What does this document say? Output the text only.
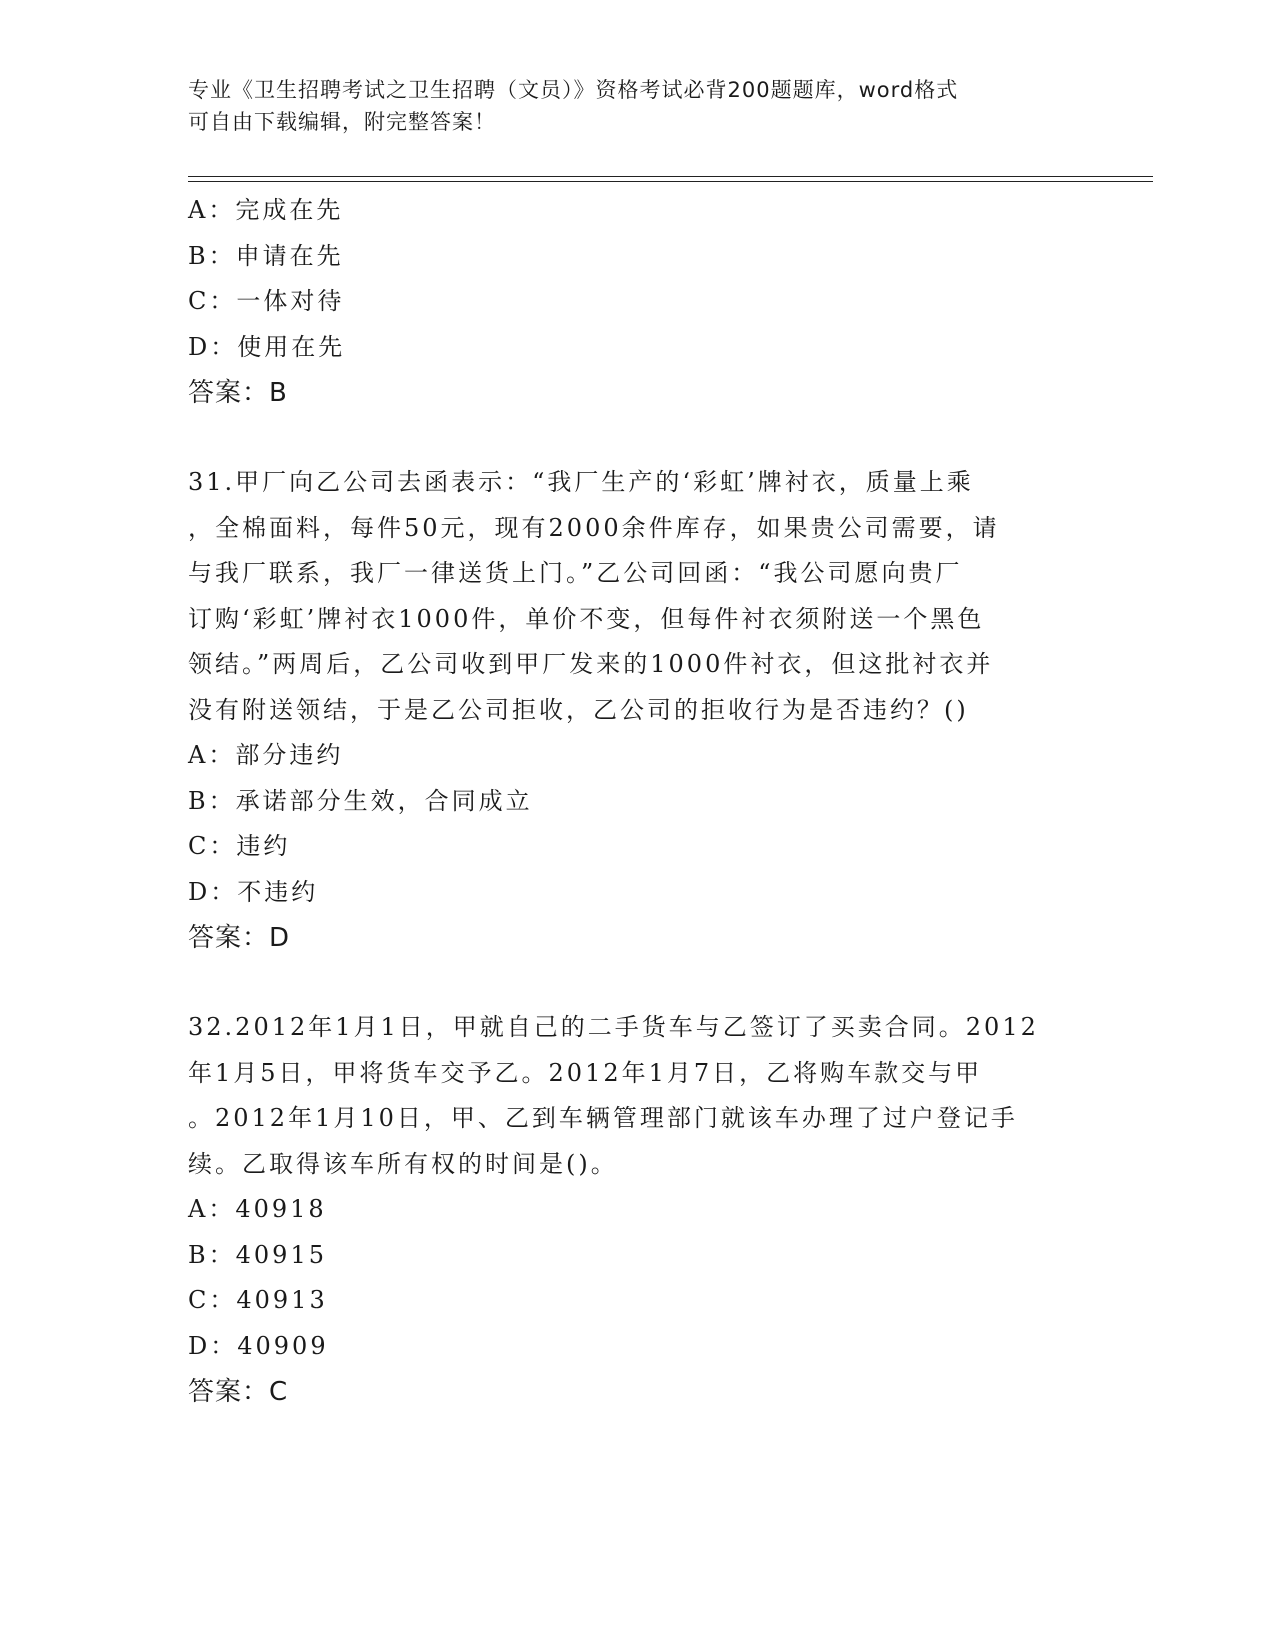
专业《卫生招聘考试之卫生招聘（文员）》资格考试必背200题题库，word格式
可自由下载编辑，附完整答案！

A：完成在先

B：申请在先

C：一体对待

D：使用在先

答案：B

31.甲厂向乙公司去函表示：“我厂生产的‘彩虹’牌衬衣，质量上乘

，全棉面料，每件50元，现有2000余件库存，如果贵公司需要，请

与我厂联系，我厂一律送货上门。”乙公司回函：“我公司愿向贵厂

订购‘彩虹’牌衬衣1000件，单价不变，但每件衬衣须附送一个黑色

领结。”两周后，乙公司收到甲厂发来的1000件衬衣，但这批衬衣并

没有附送领结，于是乙公司拒收，乙公司的拒收行为是否违约？()

A：部分违约

B：承诺部分生效，合同成立

C：违约

D：不违约

答案：D

32.2012年1月1日，甲就自己的二手货车与乙签订了买卖合同。2012

年1月5日，甲将货车交予乙。2012年1月7日，乙将购车款交与甲

。2012年1月10日，甲、乙到车辆管理部门就该车办理了过户登记手

续。乙取得该车所有权的时间是()。

A：40918

B：40915

C：40913

D：40909

答案：C
